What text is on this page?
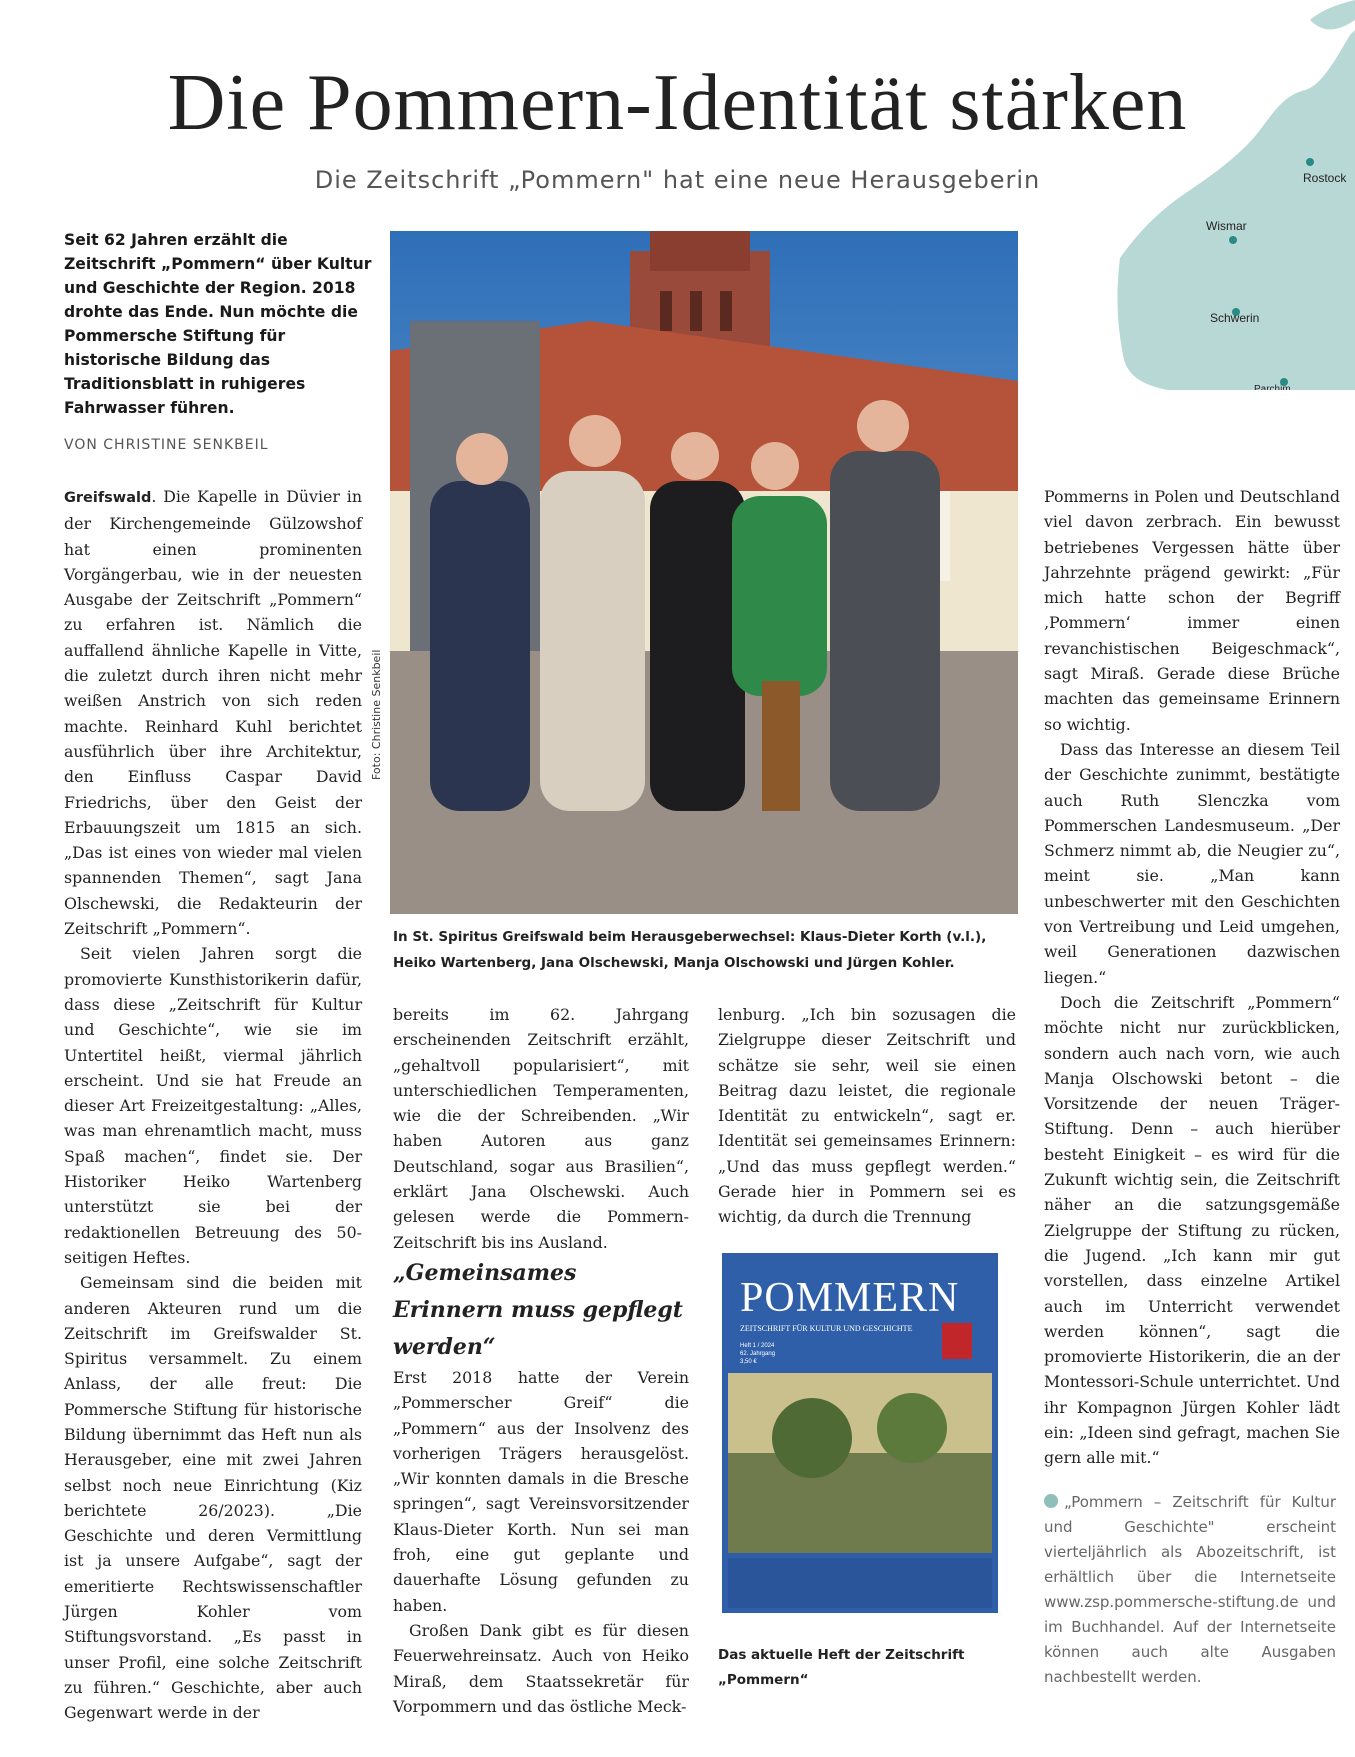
Rostock
Wismar
Schwerin
Parchim
Die Pommern-Identität stärken
Die Zeitschrift „Pommern" hat eine neue Herausgeberin
Seit 62 Jahren erzählt die Zeitschrift „Pommern“ über Kultur und Geschichte der Region. 2018 drohte das Ende. Nun möchte die Pommersche Stiftung für historische Bildung das Traditionsblatt in ruhigeres Fahrwasser führen.
VON CHRISTINE SENKBEIL

Greifswald. Die Kapelle in Düvier in der Kirchengemeinde Gülzowshof hat einen prominenten Vorgängerbau, wie in der neuesten Ausgabe der Zeitschrift „Pommern“ zu erfahren ist. Nämlich die auffallend ähnliche Kapelle in Vitte, die zuletzt durch ihren nicht mehr weißen Anstrich von sich reden machte. Reinhard Kuhl berichtet ausführlich über ihre Architektur, den Einfluss Caspar David Friedrichs, über den Geist der Erbauungszeit um 1815 an sich. „Das ist eines von wieder mal vielen spannenden Themen“, sagt Jana Olschewski, die Redakteurin der Zeitschrift „Pommern“.

Seit vielen Jahren sorgt die promovierte Kunsthistorikerin dafür, dass diese „Zeitschrift für Kultur und Geschichte“, wie sie im Untertitel heißt, viermal jährlich erscheint. Und sie hat Freude an dieser Art Freizeitgestaltung: „Alles, was man ehrenamtlich macht, muss Spaß machen“, findet sie. Der Historiker Heiko Wartenberg unterstützt sie bei der redaktionellen Betreuung des 50-seitigen Heftes.

Gemeinsam sind die beiden mit anderen Akteuren rund um die Zeitschrift im Greifswalder St. Spiritus versammelt. Zu einem Anlass, der alle freut: Die Pommersche Stiftung für historische Bildung übernimmt das Heft nun als Herausgeber, eine mit zwei Jahren selbst noch neue Einrichtung (Kiz berichtete 26/2023). „Die Geschichte und deren Vermittlung ist ja unsere Aufgabe“, sagt der emeritierte Rechtswissenschaftler Jürgen Kohler vom Stiftungsvorstand. „Es passt in unser Profil, eine solche Zeitschrift zu führen.“ Geschichte, aber auch Gegenwart werde in der

Foto: Christine Senkbeil
In St. Spiritus Greifswald beim Herausgeberwechsel: Klaus-Dieter Korth (v.l.), Heiko Wartenberg, Jana Olschewski, Manja Olschowski und Jürgen Kohler.

bereits im 62. Jahrgang erscheinenden Zeitschrift erzählt, „gehaltvoll popularisiert“, mit unterschiedlichen Temperamenten, wie die der Schreibenden. „Wir haben Autoren aus ganz Deutschland, sogar aus Brasilien“, erklärt Jana Olschewski. Auch gelesen werde die Pommern-Zeitschrift bis ins Ausland.

„Gemeinsames Erinnern muss gepflegt werden“

Erst 2018 hatte der Verein „Pommerscher Greif“ die „Pommern“ aus der Insolvenz des vorherigen Trägers herausgelöst. „Wir konnten damals in die Bresche springen“, sagt Vereinsvorsitzender Klaus-Dieter Korth. Nun sei man froh, eine gut geplante und dauerhafte Lösung gefunden zu haben.

Großen Dank gibt es für diesen Feuerwehreinsatz. Auch von Heiko Miraß, dem Staatssekretär für Vorpommern und das östliche Meck-

lenburg. „Ich bin sozusagen die Zielgruppe dieser Zeitschrift und schätze sie sehr, weil sie einen Beitrag dazu leistet, die regionale Identität zu entwickeln“, sagt er. Identität sei gemeinsames Erinnern: „Und das muss gepflegt werden.“ Gerade hier in Pommern sei es wichtig, da durch die Trennung

POMMERN
ZEITSCHRIFT FÜR KULTUR UND GESCHICHTE
Heft 1 / 2024
62. Jahrgang
3,50 €
Das aktuelle Heft der Zeitschrift „Pommern“

Pommerns in Polen und Deutschland viel davon zerbrach. Ein bewusst betriebenes Vergessen hätte über Jahrzehnte prägend gewirkt: „Für mich hatte schon der Begriff ‚Pommern‘ immer einen revanchistischen Beigeschmack“, sagt Miraß. Gerade diese Brüche machten das gemeinsame Erinnern so wichtig.

Dass das Interesse an diesem Teil der Geschichte zunimmt, bestätigte auch Ruth Slenczka vom Pommerschen Landesmuseum. „Der Schmerz nimmt ab, die Neugier zu“, meint sie. „Man kann unbeschwerter mit den Geschichten von Vertreibung und Leid umgehen, weil Generationen dazwischen liegen.“

Doch die Zeitschrift „Pommern“ möchte nicht nur zurückblicken, sondern auch nach vorn, wie auch Manja Olschowski betont – die Vorsitzende der neuen Träger-Stiftung. Denn – auch hierüber besteht Einigkeit – es wird für die Zukunft wichtig sein, die Zeitschrift näher an die satzungsgemäße Zielgruppe der Stiftung zu rücken, die Jugend. „Ich kann mir gut vorstellen, dass einzelne Artikel auch im Unterricht verwendet werden können“, sagt die promovierte Historikerin, die an der Montessori-Schule unterrichtet. Und ihr Kompagnon Jürgen Kohler lädt ein: „Ideen sind gefragt, machen Sie gern alle mit.“

„Pommern – Zeitschrift für Kultur und Geschichte" erscheint vierteljährlich als Abozeitschrift, ist erhältlich über die Internetseite www.zsp.pommersche-stiftung.de und im Buchhandel. Auf der Internetseite können auch alte Ausgaben nachbestellt werden.
